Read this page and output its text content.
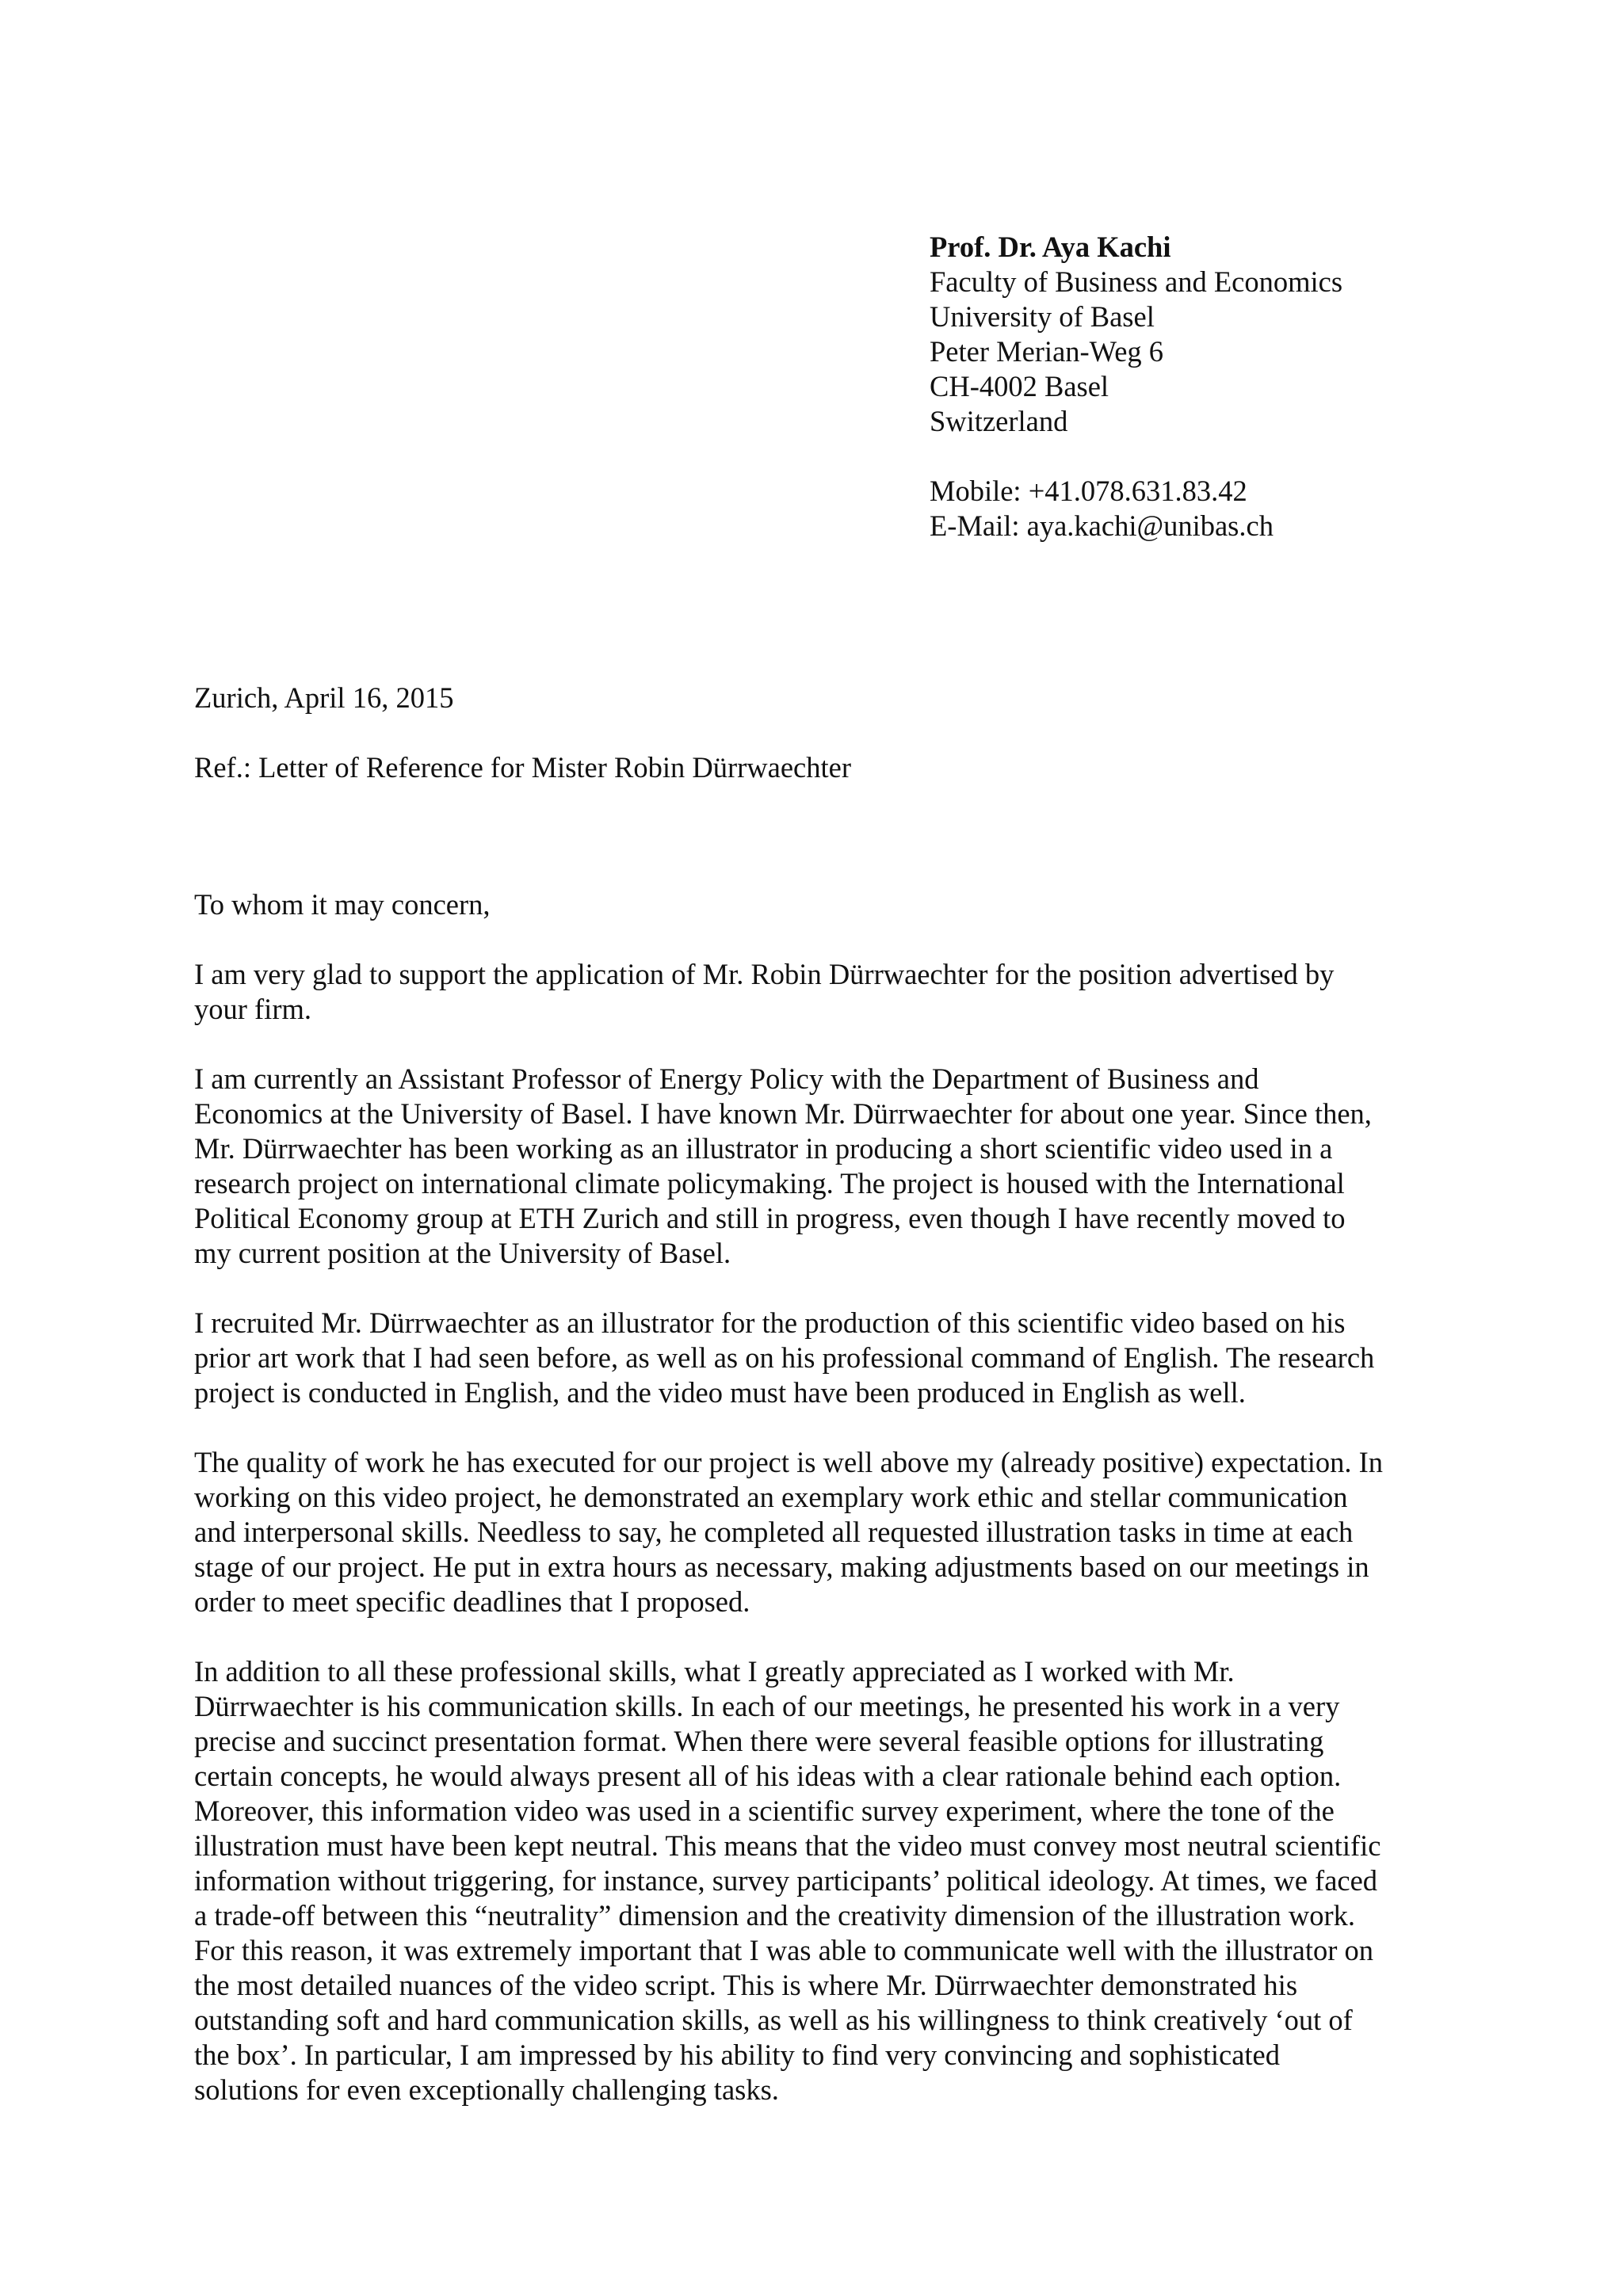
Prof. Dr. Aya Kachi
Faculty of Business and Economics
University of Basel
Peter Merian-Weg 6
CH-4002 Basel
Switzerland
Mobile: +41.078.631.83.42
E-Mail: aya.kachi@unibas.ch
Zurich, April 16, 2015
Ref.: Letter of Reference for Mister Robin Dürrwaechter

To whom it may concern,

I am very glad to support the application of Mr. Robin Dürrwaechter for the position advertised by
your firm.

I am currently an Assistant Professor of Energy Policy with the Department of Business and
Economics at the University of Basel. I have known Mr. Dürrwaechter for about one year. Since then,
Mr. Dürrwaechter has been working as an illustrator in producing a short scientific video used in a
research project on international climate policymaking. The project is housed with the International
Political Economy group at ETH Zurich and still in progress, even though I have recently moved to
my current position at the University of Basel.

I recruited Mr. Dürrwaechter as an illustrator for the production of this scientific video based on his
prior art work that I had seen before, as well as on his professional command of English. The research
project is conducted in English, and the video must have been produced in English as well.

The quality of work he has executed for our project is well above my (already positive) expectation. In
working on this video project, he demonstrated an exemplary work ethic and stellar communication
and interpersonal skills. Needless to say, he completed all requested illustration tasks in time at each
stage of our project. He put in extra hours as necessary, making adjustments based on our meetings in
order to meet specific deadlines that I proposed.

In addition to all these professional skills, what I greatly appreciated as I worked with Mr.
Dürrwaechter is his communication skills. In each of our meetings, he presented his work in a very
precise and succinct presentation format. When there were several feasible options for illustrating
certain concepts, he would always present all of his ideas with a clear rationale behind each option.
Moreover, this information video was used in a scientific survey experiment, where the tone of the
illustration must have been kept neutral. This means that the video must convey most neutral scientific
information without triggering, for instance, survey participants’ political ideology. At times, we faced
a trade-off between this “neutrality” dimension and the creativity dimension of the illustration work.
For this reason, it was extremely important that I was able to communicate well with the illustrator on
the most detailed nuances of the video script. This is where Mr. Dürrwaechter demonstrated his
outstanding soft and hard communication skills, as well as his willingness to think creatively ‘out of
the box’. In particular, I am impressed by his ability to find very convincing and sophisticated
solutions for even exceptionally challenging tasks.
